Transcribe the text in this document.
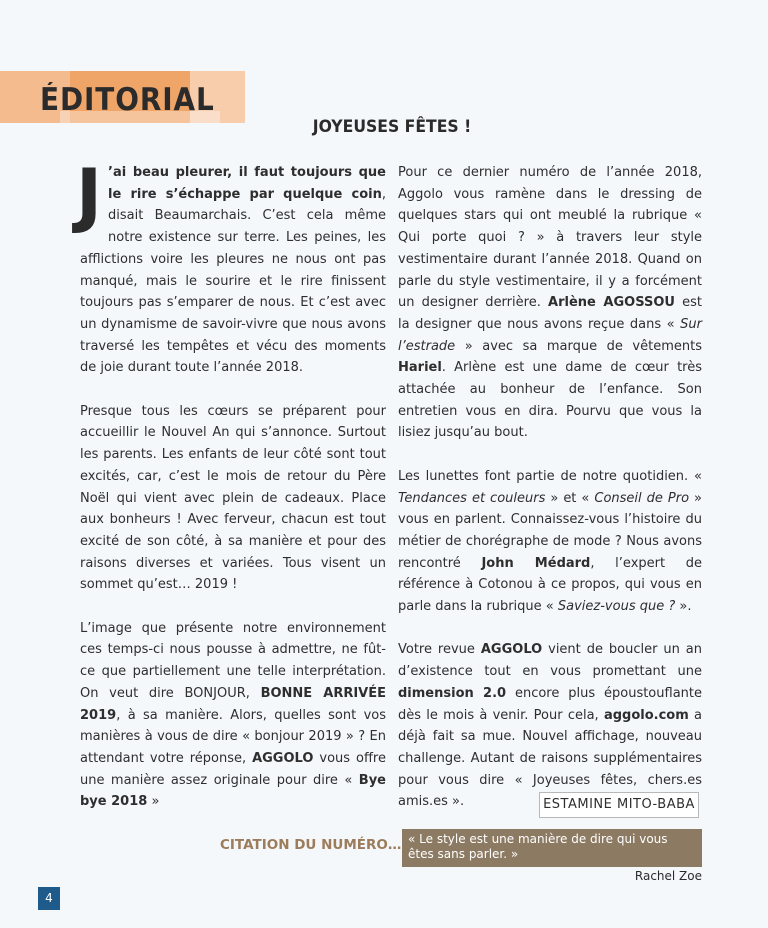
ÉDITORIAL
JOYEUSES FÊTES !

J ’ai beau pleurer, il faut toujours que le rire s’échappe par quelque coin, disait Beaumarchais. C’est cela même notre existence sur terre. Les peines, les afflictions voire les pleures ne nous ont pas manqué, mais le sourire et le rire finissent toujours pas s’emparer de nous. Et c’est avec un dynamisme de savoir-vivre que nous avons traversé les tempêtes et vécu des moments de joie durant toute l’année 2018.

Presque tous les cœurs se préparent pour accueillir le Nouvel An qui s’annonce. Surtout les parents. Les enfants de leur côté sont tout excités, car, c’est le mois de retour du Père Noël qui vient avec plein de cadeaux. Place aux bonheurs ! Avec ferveur, chacun est tout excité de son côté, à sa manière et pour des raisons diverses et variées. Tous visent un sommet qu’est… 2019 !

L’image que présente notre environnement ces temps-ci nous pousse à admettre, ne fût-ce que partiellement une telle interprétation. On veut dire BONJOUR, BONNE ARRIVÉE 2019, à sa manière. Alors, quelles sont vos manières à vous de dire « bonjour 2019 » ? En attendant votre réponse, AGGOLO vous offre une manière assez originale pour dire « Bye bye 2018 »

Pour ce dernier numéro de l’année 2018, Aggolo vous ramène dans le dressing de quelques stars qui ont meublé la rubrique « Qui porte quoi ? » à travers leur style vestimentaire durant l’année 2018. Quand on parle du style vestimentaire, il y a forcément un designer derrière. Arlène AGOSSOU est la designer que nous avons reçue dans « Sur l’estrade » avec sa marque de vêtements Hariel. Arlène est une dame de cœur très attachée au bonheur de l’enfance. Son entretien vous en dira. Pourvu que vous la lisiez jusqu’au bout.

Les lunettes font partie de notre quotidien. « Tendances et couleurs » et « Conseil de Pro » vous en parlent. Connaissez-vous l’histoire du métier de chorégraphe de mode ? Nous avons rencontré John Médard, l’expert de référence à Cotonou à ce propos, qui vous en parle dans la rubrique « Saviez-vous que ? ».

Votre revue AGGOLO vient de boucler un an d’existence tout en vous promettant une dimension 2.0 encore plus époustouflante dès le mois à venir. Pour cela, aggolo.com a déjà fait sa mue. Nouvel affichage, nouveau challenge. Autant de raisons supplémentaires pour vous dire « Joyeuses fêtes, chers.es amis.es ».	ESTAMINE MITO-BABA
CITATION DU NUMÉRO… « Le style est une manière de dire qui vous êtes sans parler. »
Rachel Zoe
4
